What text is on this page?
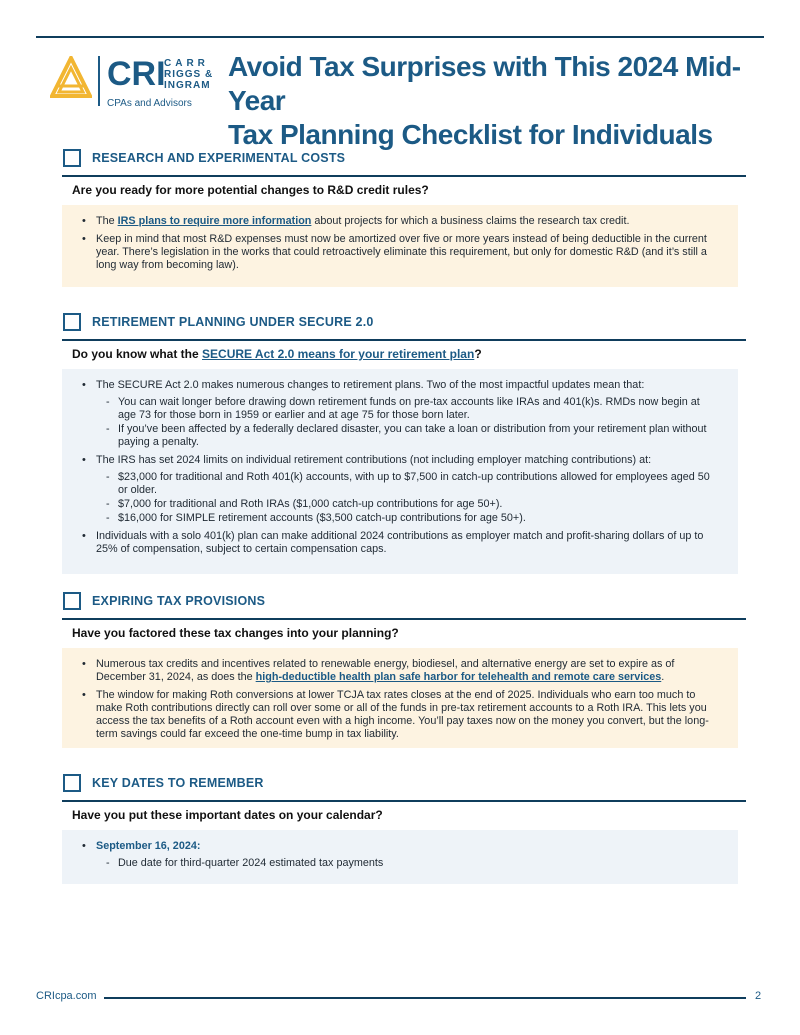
CRI
CARR
RIGGS &
INGRAM
CPAs and Advisors
Avoid Tax Surprises with This 2024 Mid-Year
Tax Planning Checklist for Individuals
RESEARCH AND EXPERIMENTAL COSTS
Are you ready for more potential changes to R&D credit rules?
• The IRS plans to require more information about projects for which a business claims the research tax credit.
• Keep in mind that most R&D expenses must now be amortized over five or more years instead of being deductible in the current year. There’s legislation in the works that could retroactively eliminate this requirement, but only for domestic R&D (and it’s still a long way from becoming law).
RETIREMENT PLANNING UNDER SECURE 2.0
Do you know what the SECURE Act 2.0 means for your retirement plan?
• The SECURE Act 2.0 makes numerous changes to retirement plans. Two of the most impactful updates mean that:
- You can wait longer before drawing down retirement funds on pre-tax accounts like IRAs and 401(k)s. RMDs now begin at age 73 for those born in 1959 or earlier and at age 75 for those born later.
- If you’ve been affected by a federally declared disaster, you can take a loan or distribution from your retirement plan without paying a penalty.
• The IRS has set 2024 limits on individual retirement contributions (not including employer matching contributions) at:
- $23,000 for traditional and Roth 401(k) accounts, with up to $7,500 in catch-up contributions allowed for employees aged 50 or older.
- $7,000 for traditional and Roth IRAs ($1,000 catch-up contributions for age 50+).
- $16,000 for SIMPLE retirement accounts ($3,500 catch-up contributions for age 50+).
• Individuals with a solo 401(k) plan can make additional 2024 contributions as employer match and profit-sharing dollars of up to 25% of compensation, subject to certain compensation caps.
EXPIRING TAX PROVISIONS
Have you factored these tax changes into your planning?
• Numerous tax credits and incentives related to renewable energy, biodiesel, and alternative energy are set to expire as of December 31, 2024, as does the high-deductible health plan safe harbor for telehealth and remote care services.
• The window for making Roth conversions at lower TCJA tax rates closes at the end of 2025. Individuals who earn too much to make Roth contributions directly can roll over some or all of the funds in pre-tax retirement accounts to a Roth IRA. This lets you access the tax benefits of a Roth account even with a high income. You’ll pay taxes now on the money you convert, but the long-term savings could far exceed the one-time bump in tax liability.
KEY DATES TO REMEMBER
Have you put these important dates on your calendar?
• September 16, 2024:
- Due date for third-quarter 2024 estimated tax payments
CRIcpa.com	2
